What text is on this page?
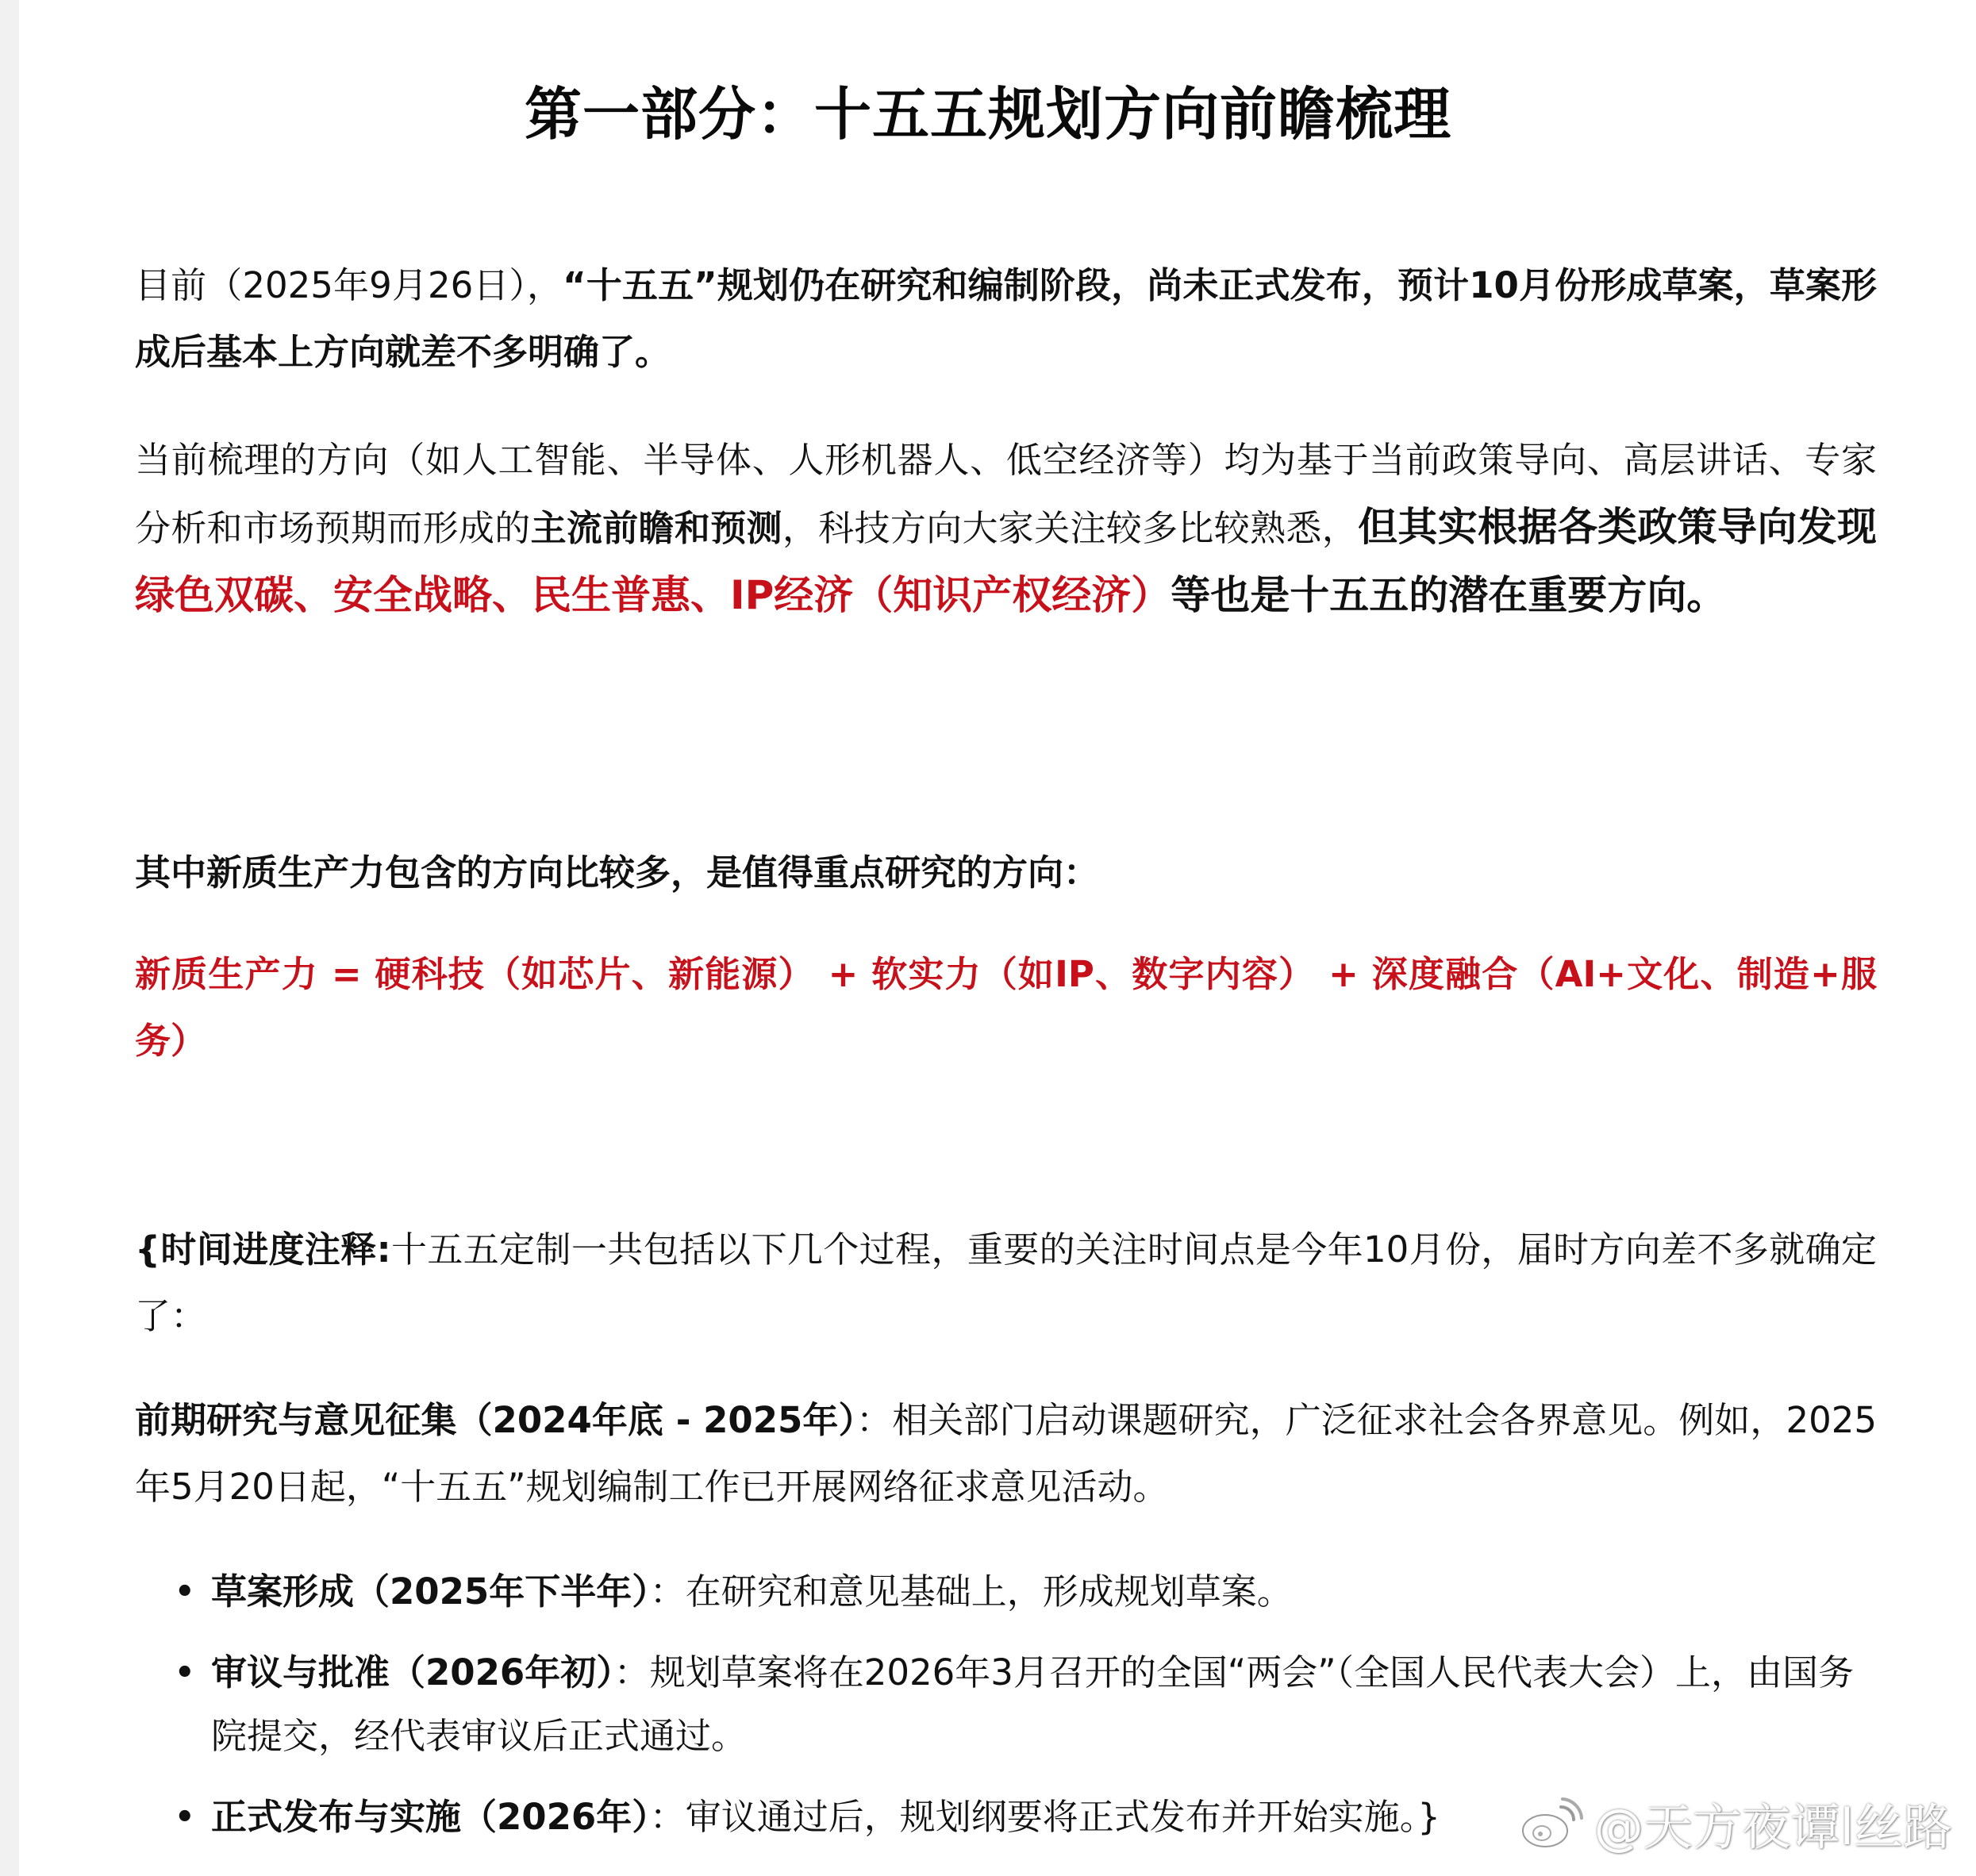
第一部分：十五五规划方向前瞻梳理

目前（2025年9月26日），“十五五”规划仍在研究和编制阶段，尚未正式发布，预计10月份形成草案，草案形成后基本上方向就差不多明确了。

当前梳理的方向（如人工智能、半导体、人形机器人、低空经济等）均为基于当前政策导向、高层讲话、专家分析和市场预期而形成的主流前瞻和预测，科技方向大家关注较多比较熟悉，但其实根据各类政策导向发现绿色双碳、安全战略、民生普惠、IP经济（知识产权经济）等也是十五五的潜在重要方向。

其中新质生产力包含的方向比较多，是值得重点研究的方向：

新质生产力 = 硬科技（如芯片、新能源） + 软实力（如IP、数字内容） + 深度融合（AI+文化、制造+服务）

{时间进度注释:十五五定制一共包括以下几个过程，重要的关注时间点是今年10月份，届时方向差不多就确定了：

前期研究与意见征集（2024年底 - 2025年）：相关部门启动课题研究，广泛征求社会各界意见。例如，2025年5月20日起，“十五五”规划编制工作已开展网络征求意见活动。

• 草案形成（2025年下半年）：在研究和意见基础上，形成规划草案。
• 审议与批准（2026年初）：规划草案将在2026年3月召开的全国“两会”（全国人民代表大会）上，由国务院提交，经代表审议后正式通过。
• 正式发布与实施（2026年）：审议通过后，规划纲要将正式发布并开始实施。}	@天方夜谭l丝路
